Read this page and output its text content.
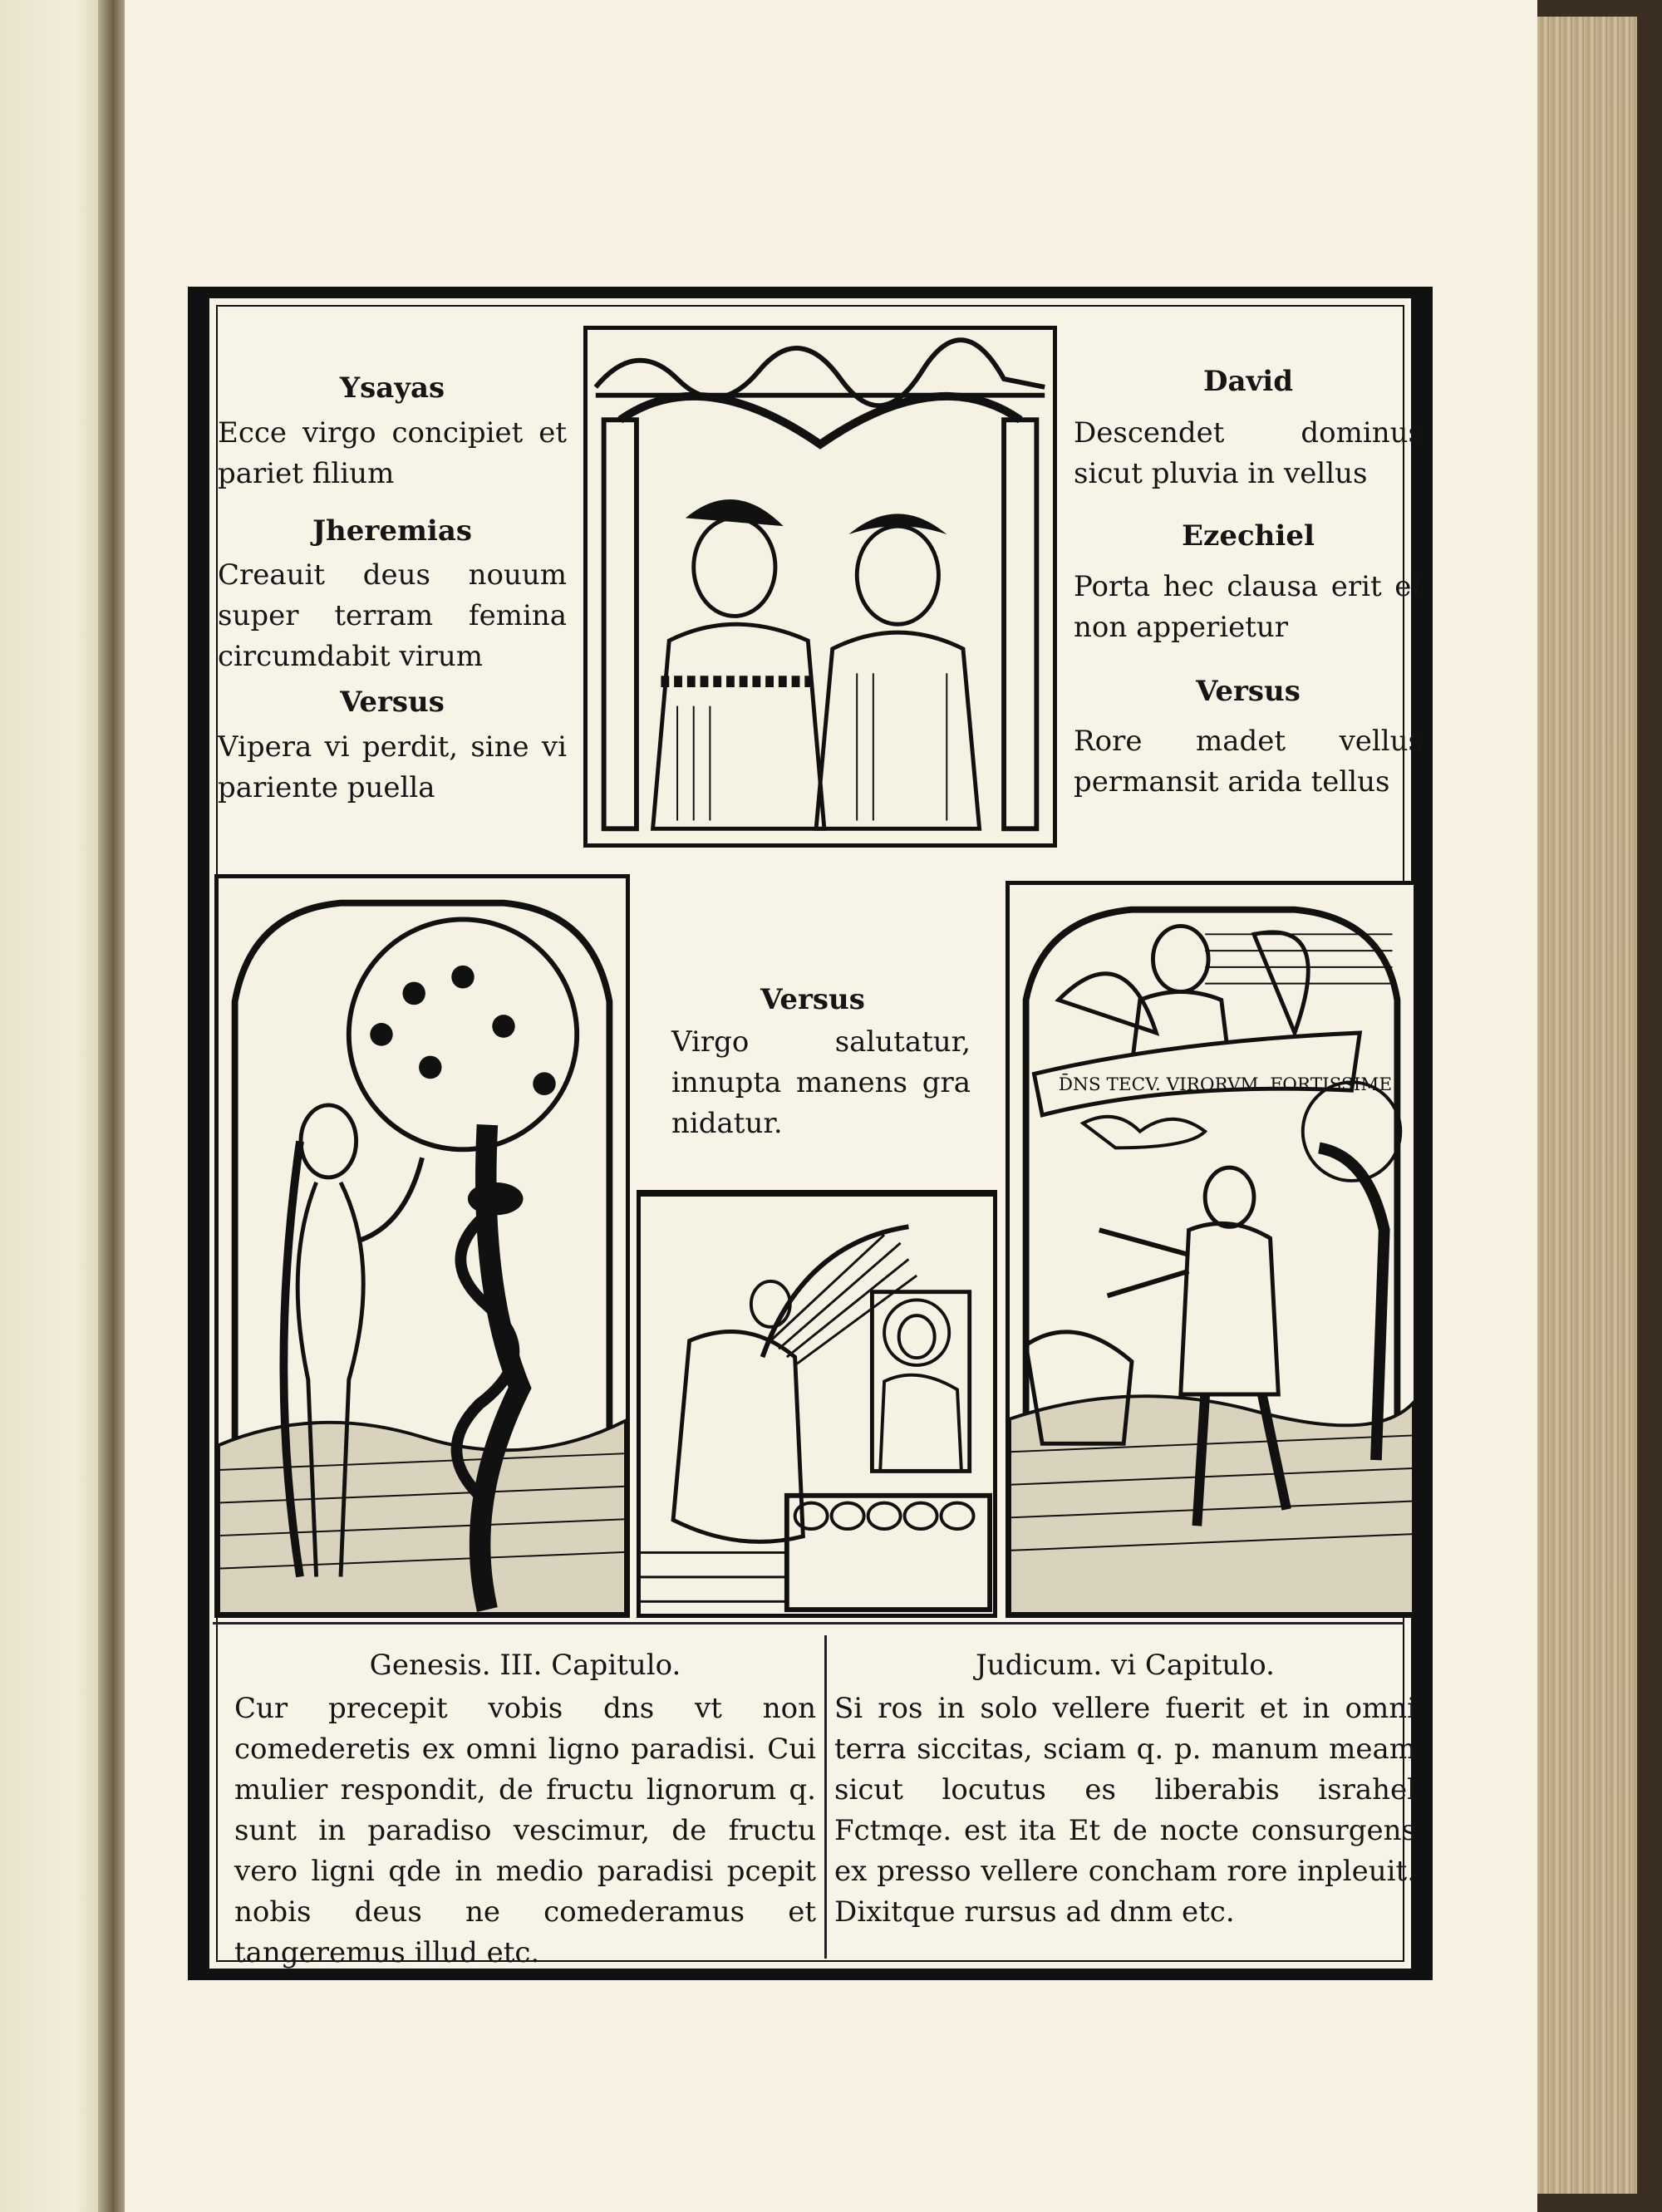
Ysayas
Ecce virgo concipiet et pariet filium
Jheremias
Creauit deus nouum super terram femina circumdabit virum
Versus
Vipera vi perdit, sine vi pariente puella
David
Descendet dominus sicut pluvia in vellus
Ezechiel
Porta hec clausa erit et non apperietur
Versus
Rore madet vellus permansit arida tellus
Versus
Virgo salutatur, innupta manens gra nidatur.
D̄NS TECV. VIRORVM. FORTISSIME
Genesis. III. Capitulo.
Cur precepit vobis dns vt non comederetis ex omni ligno paradisi. Cui mulier respondit, de fructu lignorum q. sunt in paradiso vescimur, de fructu vero ligni qde in medio paradisi pcepit nobis deus ne comederamus et tangeremus illud etc.
Judicum. vi Capitulo.
Si ros in solo vellere fuerit et in omni terra siccitas, sciam q. p. manum meam sicut locutus es liberabis israhel Fctmqe. est ita Et de nocte consurgens ex presso vellere concham rore inpleuit. Dixitque rursus ad dnm etc.
